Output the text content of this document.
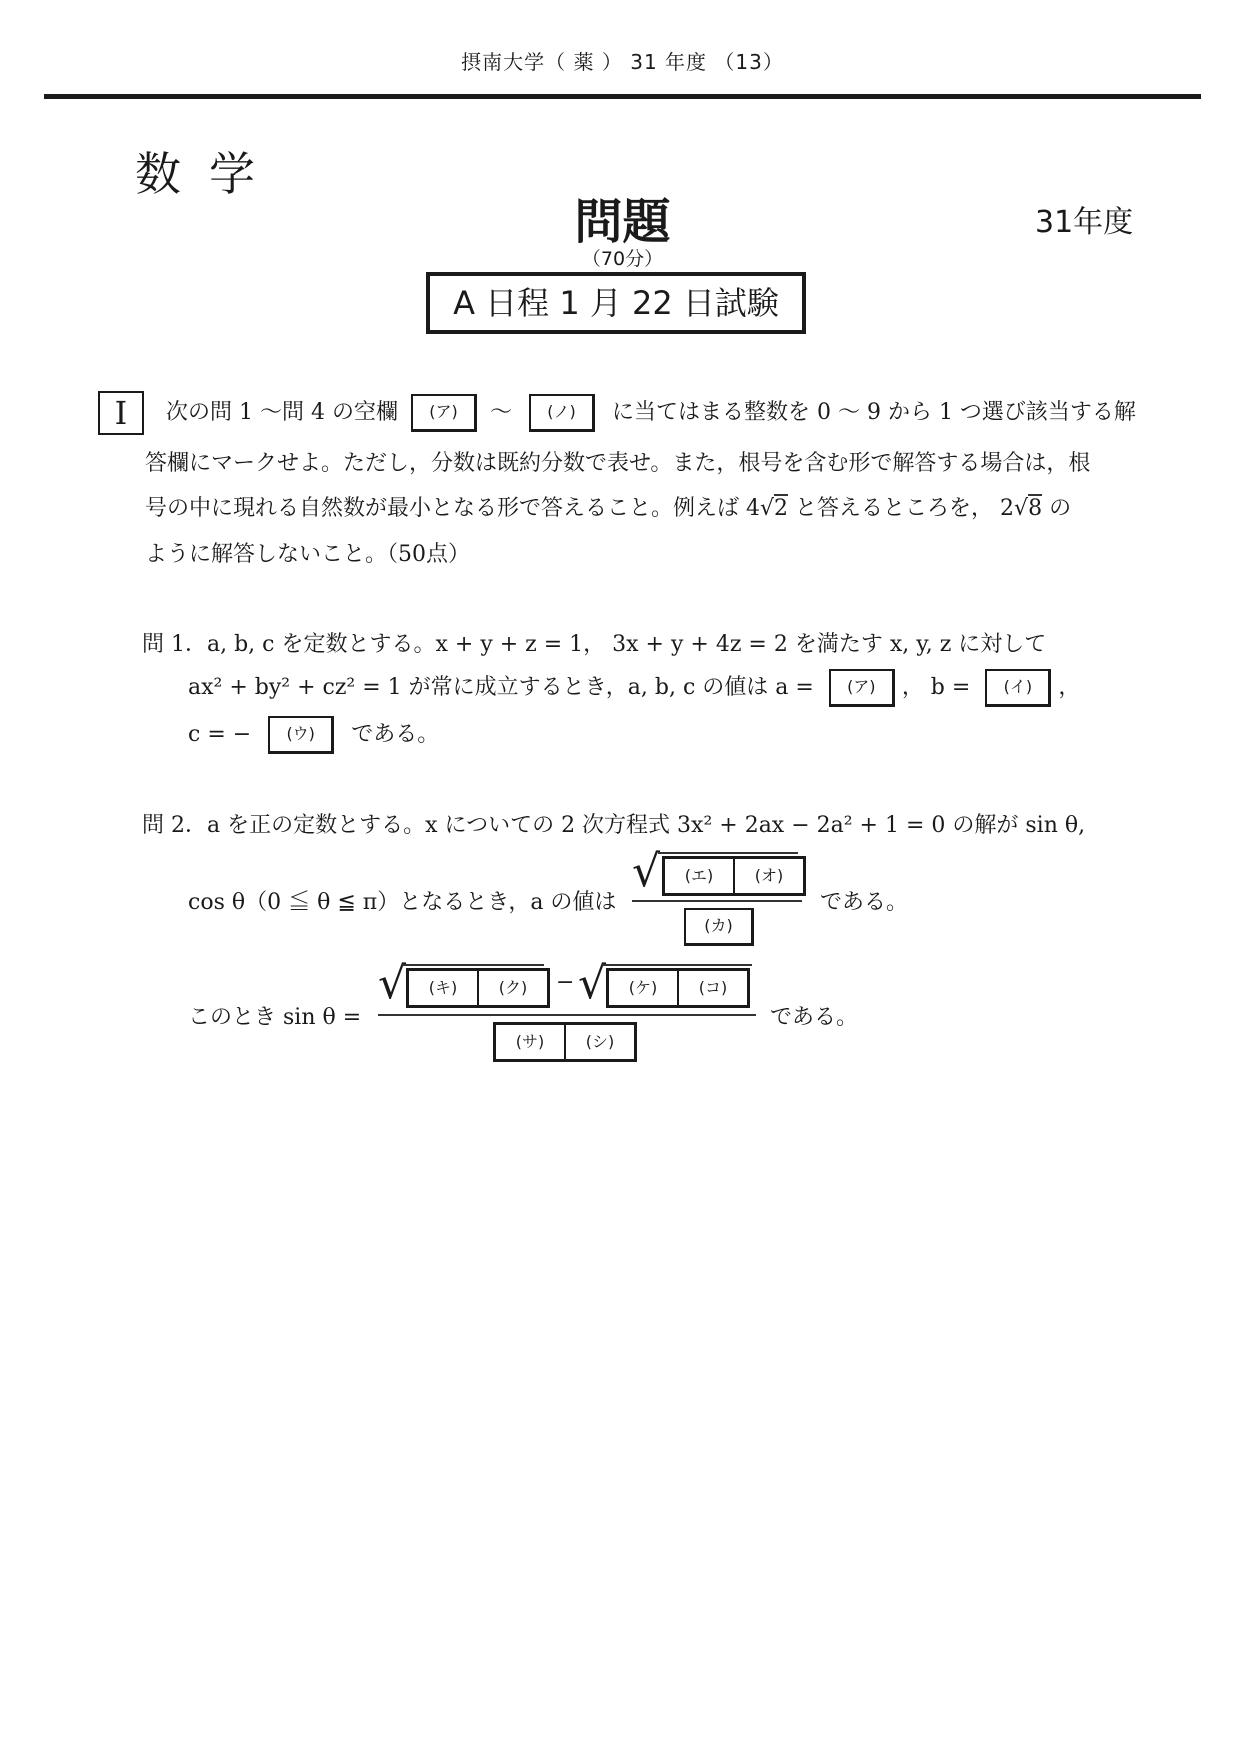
摂南大学（ 薬 ） 31 年度 （13）
数学
問題	31年度
（70分）
A 日程 1 月 22 日試験
I	次の問 1 〜問 4 の空欄 (ア) 〜 (ノ) に当てはまる整数を 0 〜 9 から 1 つ選び該当する解
答欄にマークせよ。ただし，分数は既約分数で表せ。また，根号を含む形で解答する場合は，根
号の中に現れる自然数が最小となる形で答えること。例えば 4√2 と答えるところを， 2√8 の
ように解答しないこと。（50点）
問 1．a, b, c を定数とする。x + y + z = 1， 3x + y + 4z = 2 を満たす x, y, z に対して
ax² + by² + cz² = 1 が常に成立するとき，a, b, c の値は a = (ア) ， b = (イ) ，
c = − (ウ) である。
問 2．a を正の定数とする。x についての 2 次方程式 3x² + 2ax − 2a² + 1 = 0 の解が sin θ,
cos θ（0 ≦ θ ≦ π）となるとき，a の値は
√	(エ)	(オ)
(カ)
である。
このとき sin θ =
√	(キ)	(ク)	− √	(ケ)	(コ)
(サ)	(シ)
である。
